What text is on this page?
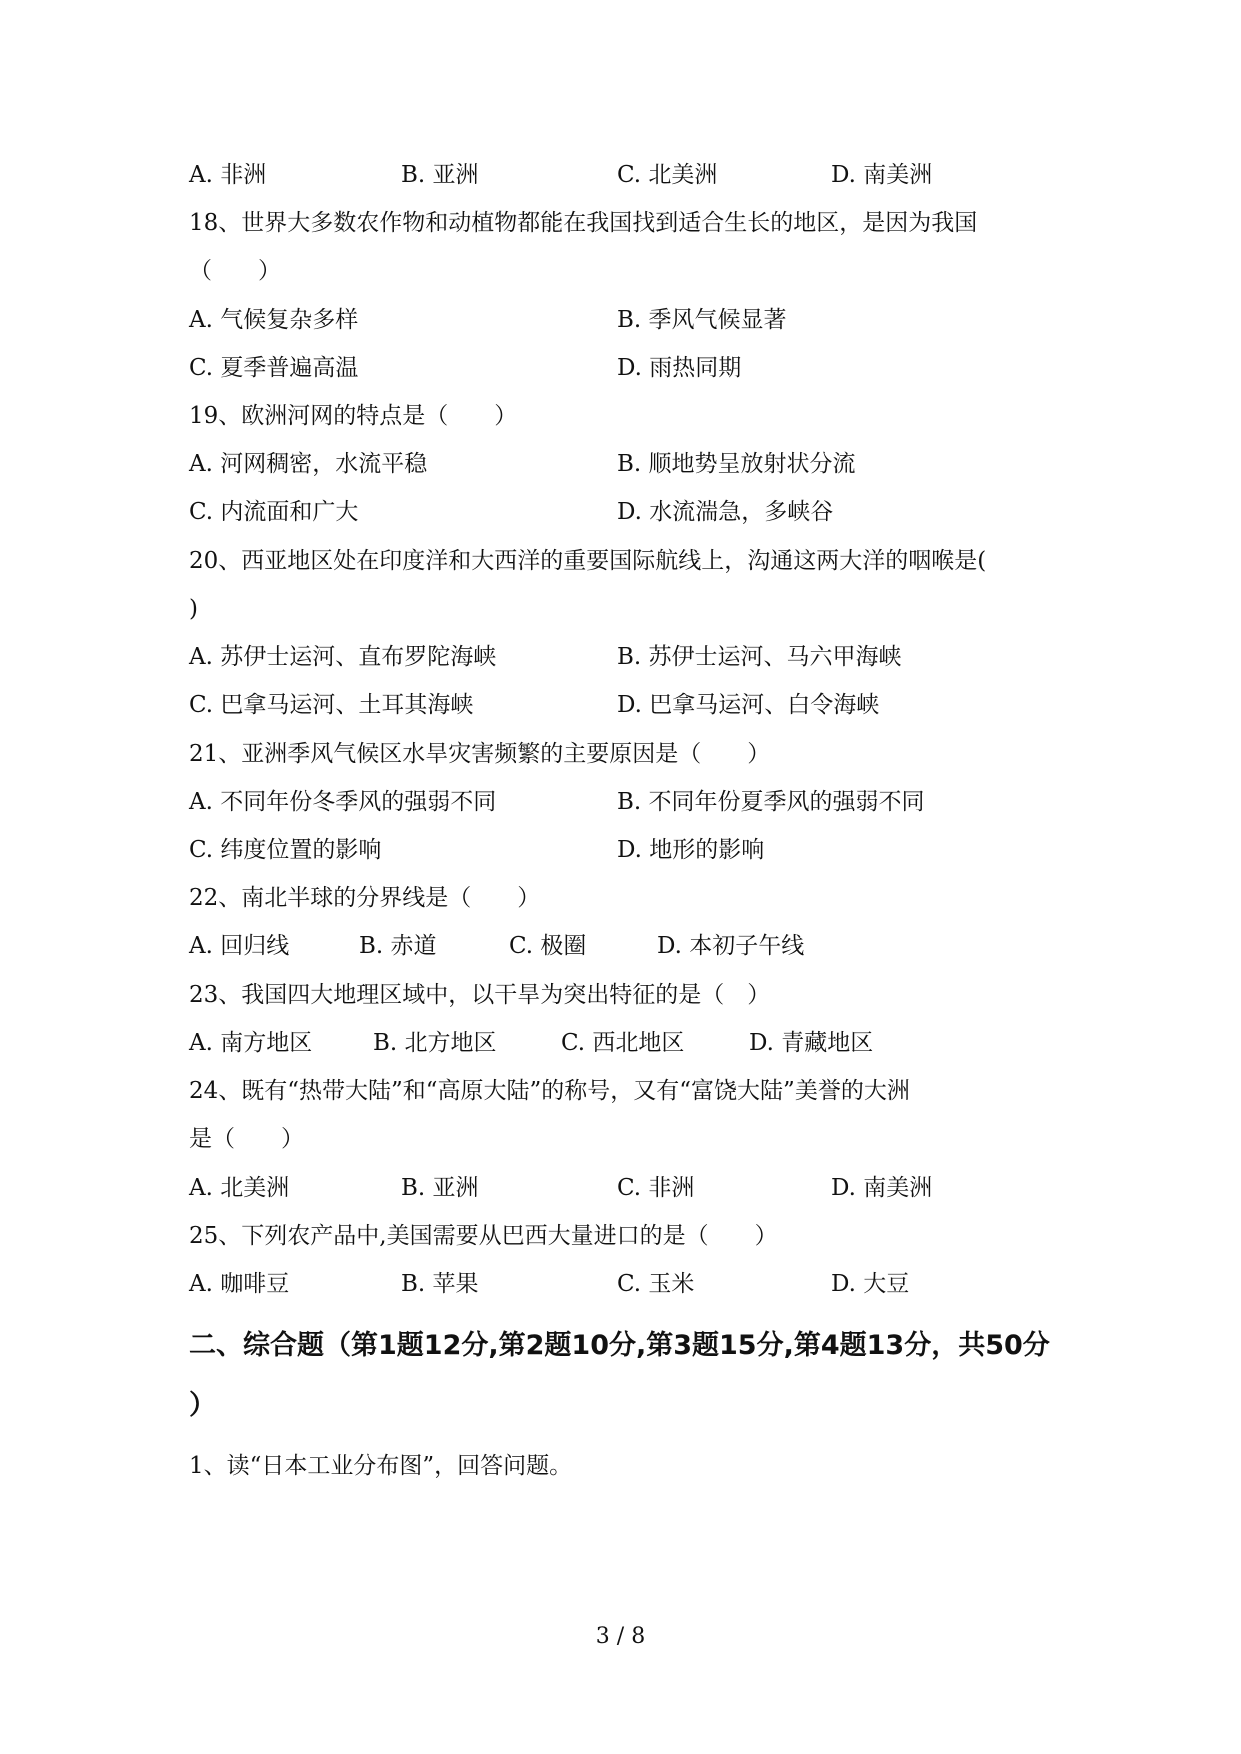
A. 非洲	B. 亚洲	C. 北美洲	D. 南美洲
18、世界大多数农作物和动植物都能在我国找到适合生长的地区，是因为我国
（　　）
A. 气候复杂多样	B. 季风气候显著
C. 夏季普遍高温	D. 雨热同期
19、欧洲河网的特点是（　　）
A. 河网稠密，水流平稳	B. 顺地势呈放射状分流
C. 内流面和广大	D. 水流湍急，多峡谷
20、西亚地区处在印度洋和大西洋的重要国际航线上，沟通这两大洋的咽喉是(
)
A. 苏伊士运河、直布罗陀海峡	B. 苏伊士运河、马六甲海峡
C. 巴拿马运河、土耳其海峡	D. 巴拿马运河、白令海峡
21、亚洲季风气候区水旱灾害频繁的主要原因是（　　）
A. 不同年份冬季风的强弱不同	B. 不同年份夏季风的强弱不同
C. 纬度位置的影响	D. 地形的影响
22、南北半球的分界线是（　　）
A. 回归线	B. 赤道	C. 极圈	D. 本初子午线
23、我国四大地理区域中，以干旱为突出特征的是（　）
A. 南方地区	B. 北方地区	C. 西北地区	D. 青藏地区
24、既有“热带大陆”和“高原大陆”的称号，又有“富饶大陆”美誉的大洲
是（　　）
A. 北美洲	B. 亚洲	C. 非洲	D. 南美洲
25、下列农产品中,美国需要从巴西大量进口的是（　　）
A. 咖啡豆	B. 苹果	C. 玉米	D. 大豆
二、综合题（第1题12分,第2题10分,第3题15分,第4题13分，共50分
）
1、读“日本工业分布图”，回答问题。
3 / 8
